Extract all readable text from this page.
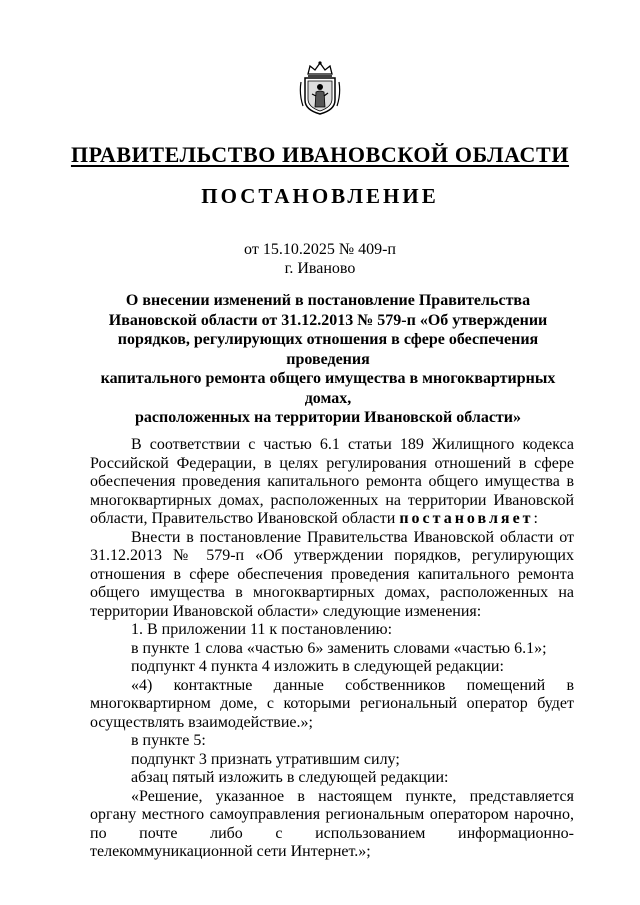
ПРАВИТЕЛЬСТВО ИВАНОВСКОЙ ОБЛАСТИ
ПОСТАНОВЛЕНИЕ
от 15.10.2025 № 409-п
г. Иваново
О внесении изменений в постановление Правительства
Ивановской области от 31.12.2013 № 579-п «Об утверждении
порядков, регулирующих отношения в сфере обеспечения проведения
капитального ремонта общего имущества в многоквартирных домах,
расположенных на территории Ивановской области»

В соответствии с частью 6.1 статьи 189 Жилищного кодекса Российской Федерации, в целях регулирования отношений в сфере обеспечения проведения капитального ремонта общего имущества в многоквартирных домах, расположенных на территории Ивановской области, Правительство Ивановской области постановляет:

Внести в постановление Правительства Ивановской области от 31.12.2013 № 579-п «Об утверждении порядков, регулирующих отношения в сфере обеспечения проведения капитального ремонта общего имущества в многоквартирных домах, расположенных на территории Ивановской области» следующие изменения:

1. В приложении 11 к постановлению:

в пункте 1 слова «частью 6» заменить словами «частью 6.1»;

подпункт 4 пункта 4 изложить в следующей редакции:

«4) контактные данные собственников помещений в многоквартирном доме, с которыми региональный оператор будет осуществлять взаимодействие.»;

в пункте 5:

подпункт 3 признать утратившим силу;

абзац пятый изложить в следующей редакции:

«Решение, указанное в настоящем пункте, представляется органу местного самоуправления региональным оператором нарочно, по почте либо с использованием информационно-телекоммуникационной сети Интернет.»;
